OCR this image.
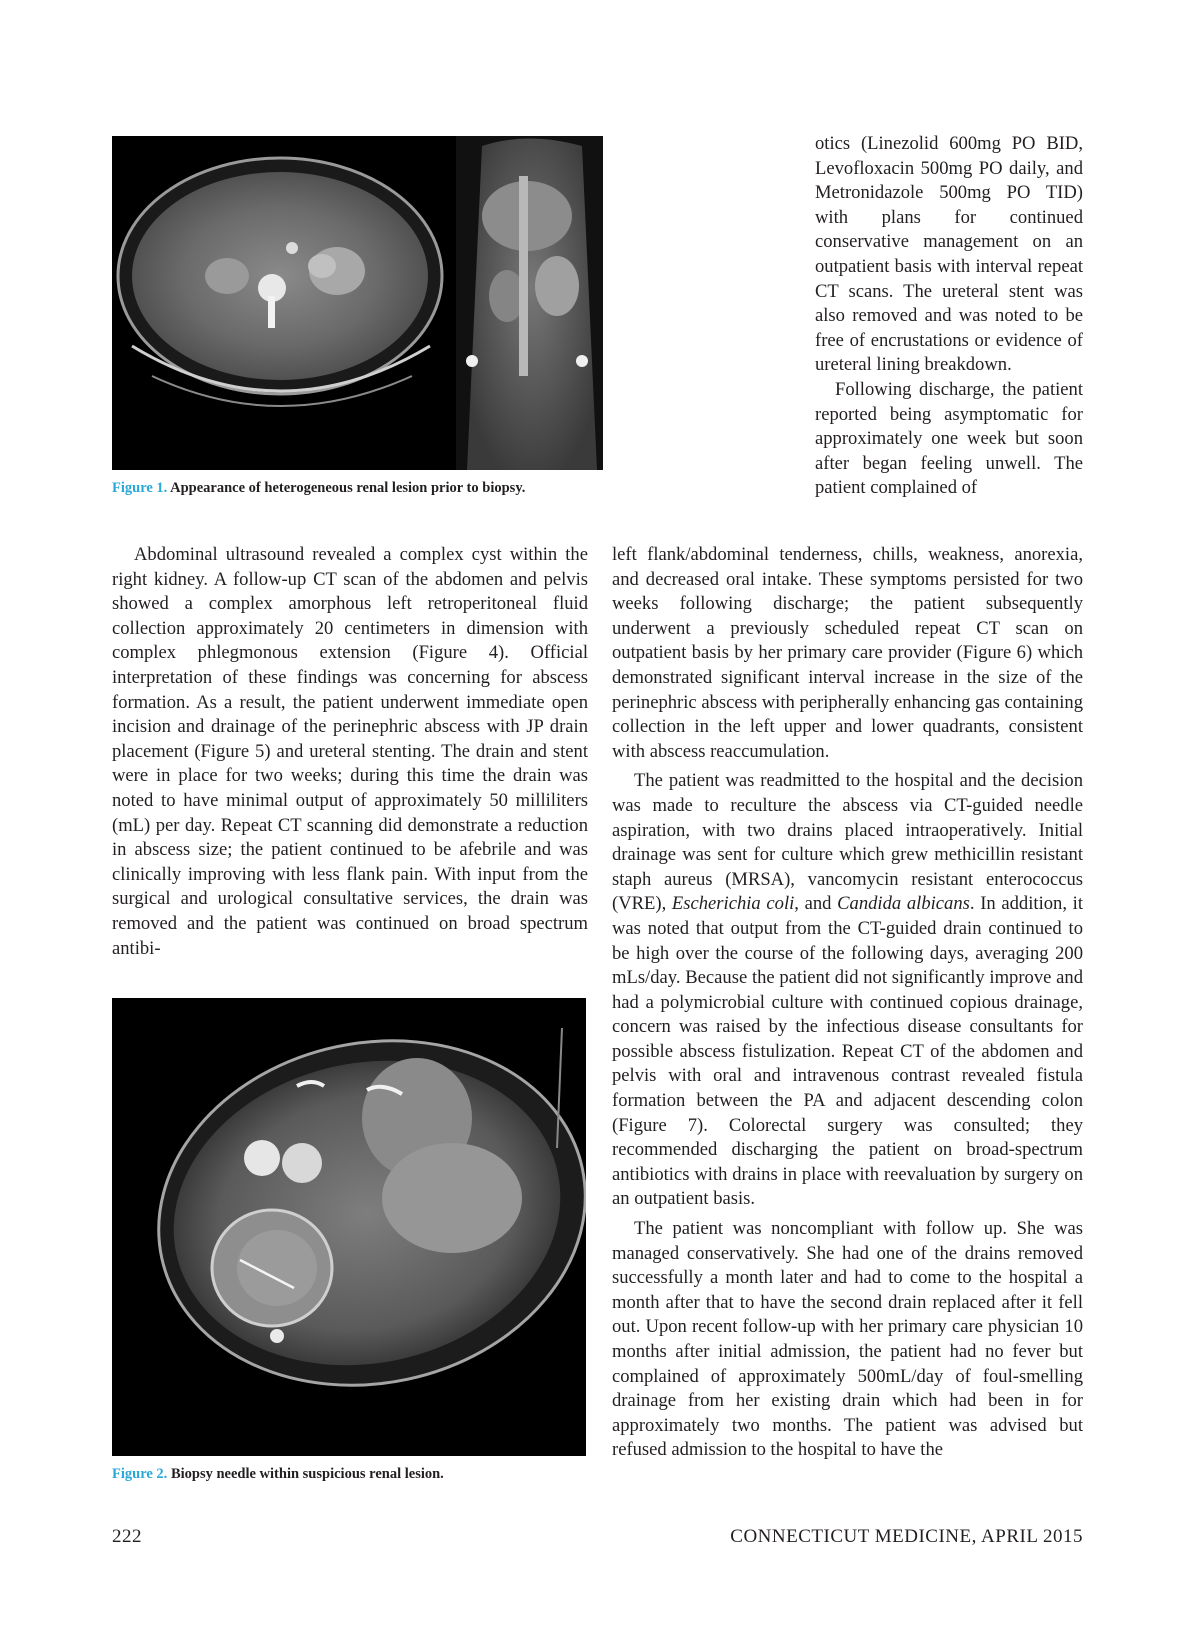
Figure 1. Appearance of heterogeneous renal lesion prior to biopsy.
otics (Linezolid 600mg PO BID, Levofloxacin 500mg PO daily, and Metronidazole 500mg PO TID) with plans for continued conservative management on an outpatient basis with interval repeat CT scans. The ureteral stent was also removed and was noted to be free of encrustations or evidence of ureteral lining breakdown.
Following discharge, the patient reported being asymptomatic for approximately one week but soon after began feeling unwell. The patient complained of

Abdominal ultrasound revealed a complex cyst within the right kidney. A follow-up CT scan of the abdomen and pelvis showed a complex amorphous left retroperitoneal fluid collection approximately 20 centimeters in dimension with complex phlegmonous extension (Figure 4). Official interpretation of these findings was concerning for abscess formation. As a result, the patient underwent immediate open incision and drainage of the perinephric abscess with JP drain placement (Figure 5) and ureteral stenting. The drain and stent were in place for two weeks; during this time the drain was noted to have minimal output of approximately 50 milliliters (mL) per day. Repeat CT scanning did demonstrate a reduction in abscess size; the patient continued to be afebrile and was clinically improving with less flank pain. With input from the surgical and urological consultative services, the drain was removed and the patient was continued on broad spectrum antibi-

Figure 2. Biopsy needle within suspicious renal lesion.

left flank/abdominal tenderness, chills, weakness, anorexia, and decreased oral intake. These symptoms persisted for two weeks following discharge; the patient subsequently underwent a previously scheduled repeat CT scan on outpatient basis by her primary care provider (Figure 6) which demonstrated significant interval increase in the size of the perinephric abscess with peripherally enhancing gas containing collection in the left upper and lower quadrants, consistent with abscess reaccumulation.

The patient was readmitted to the hospital and the decision was made to reculture the abscess via CT-guided needle aspiration, with two drains placed intraoperatively. Initial drainage was sent for culture which grew methicillin resistant staph aureus (MRSA), vancomycin resistant enterococcus (VRE), Escherichia coli, and Candida albicans. In addition, it was noted that output from the CT-guided drain continued to be high over the course of the following days, averaging 200 mLs/day. Because the patient did not significantly improve and had a polymicrobial culture with continued copious drainage, concern was raised by the infectious disease consultants for possible abscess fistulization. Repeat CT of the abdomen and pelvis with oral and intravenous contrast revealed fistula formation between the PA and adjacent descending colon (Figure 7). Colorectal surgery was consulted; they recommended discharging the patient on broad-spectrum antibiotics with drains in place with reevaluation by surgery on an outpatient basis.

The patient was noncompliant with follow up. She was managed conservatively. She had one of the drains removed successfully a month later and had to come to the hospital a month after that to have the second drain replaced after it fell out. Upon recent follow-up with her primary care physician 10 months after initial admission, the patient had no fever but complained of approximately 500mL/day of foul-smelling drainage from her existing drain which had been in for approximately two months. The patient was advised but refused admission to the hospital to have the

222	CONNECTICUT MEDICINE, APRIL 2015
